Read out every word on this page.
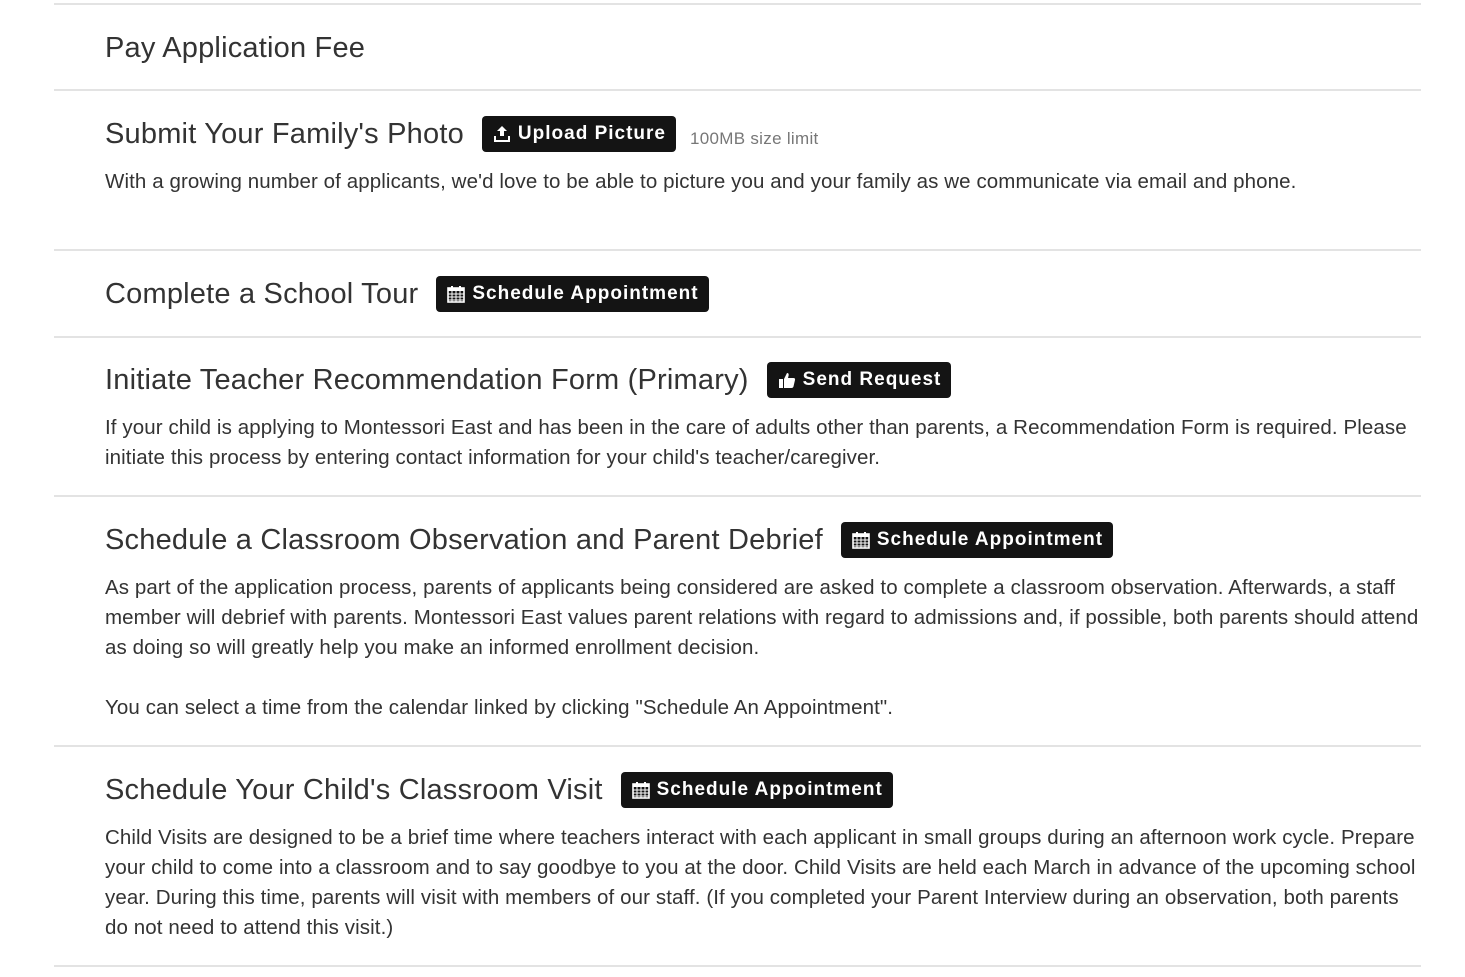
Pay Application Fee
Submit Your Family's Photo	Upload Picture 100MB size limit

With a growing number of applicants, we'd love to be able to picture you and your family as we communicate via email and phone.

Complete a School Tour	Schedule Appointment
Initiate Teacher Recommendation Form (Primary)	Send Request

If your child is applying to Montessori East and has been in the care of adults other than parents, a Recommendation Form is required. Please initiate this process by entering contact information for your child's teacher/caregiver.

Schedule a Classroom Observation and Parent Debrief	Schedule Appointment

As part of the application process, parents of applicants being considered are asked to complete a classroom observation. Afterwards, a staff member will debrief with parents. Montessori East values parent relations with regard to admissions and, if possible, both parents should attend as doing so will greatly help you make an informed enrollment decision.

You can select a time from the calendar linked by clicking "Schedule An Appointment".

Schedule Your Child's Classroom Visit	Schedule Appointment

Child Visits are designed to be a brief time where teachers interact with each applicant in small groups during an afternoon work cycle. Prepare your child to come into a classroom and to say goodbye to you at the door. Child Visits are held each March in advance of the upcoming school year. During this time, parents will visit with members of our staff. (If you completed your Parent Interview during an observation, both parents do not need to attend this visit.)
